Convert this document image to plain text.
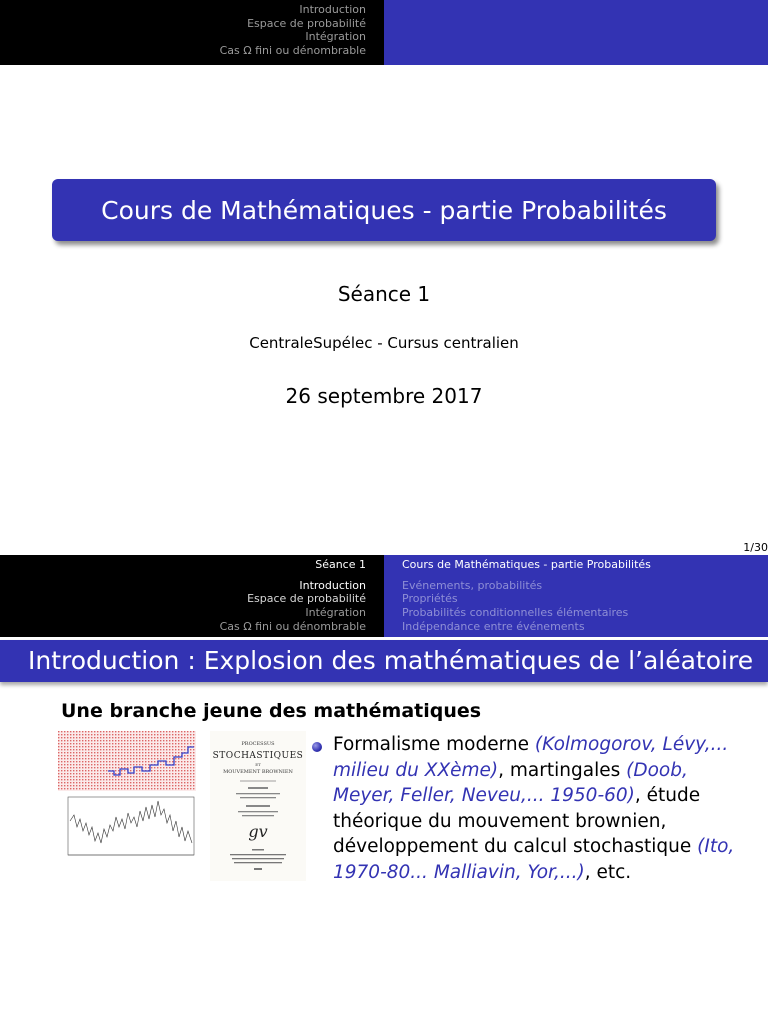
Introduction
Espace de probabilité
Intégration
Cas Ω fini ou dénombrable
Cours de Mathématiques - partie Probabilités
Séance 1
CentraleSupélec - Cursus centralien
26 septembre 2017
1/30
Séance 1
Introduction
Espace de probabilité
Intégration
Cas Ω fini ou dénombrable
Cours de Mathématiques - partie Probabilités
Evénements, probabilités
Propriétés
Probabilités conditionnelles élémentaires
Indépendance entre événements
Introduction : Explosion des mathématiques de l’aléatoire
Une branche jeune des mathématiques
PROCESSUS
STOCHASTIQUES
ET
MOUVEMENT BROWNIEN
gv
Formalisme moderne (Kolmogorov, Lévy,... milieu du XXème), martingales (Doob, Meyer, Feller, Neveu,... 1950-60), étude théorique du mouvement brownien, développement du calcul stochastique (Ito, 1970-80... Malliavin, Yor,...), etc.
